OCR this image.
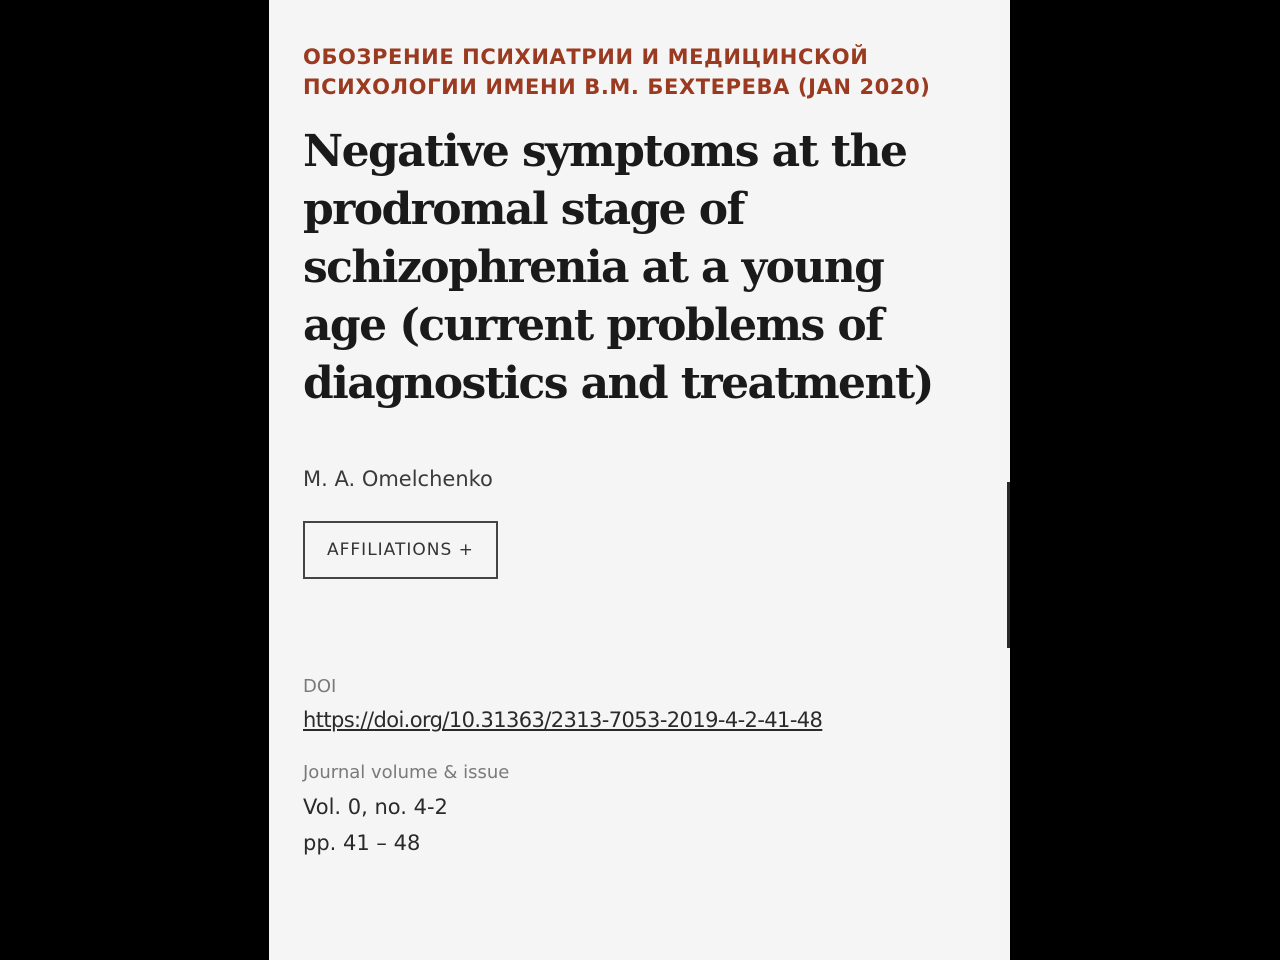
ОБОЗРЕНИЕ ПСИХИАТРИИ И МЕДИЦИНСКОЙ
ПСИХОЛОГИИ ИМЕНИ В.М. БЕХТЕРЕВА (JAN 2020)
Negative symptoms at the prodromal stage of schizophrenia at a young age (current problems of diagnostics and treatment)
M. A. Omelchenko
AFFILIATIONS +
DOI
https://doi.org/10.31363/2313-7053-2019-4-2-41-48
Journal volume & issue
Vol. 0, no. 4-2
pp. 41 – 48
